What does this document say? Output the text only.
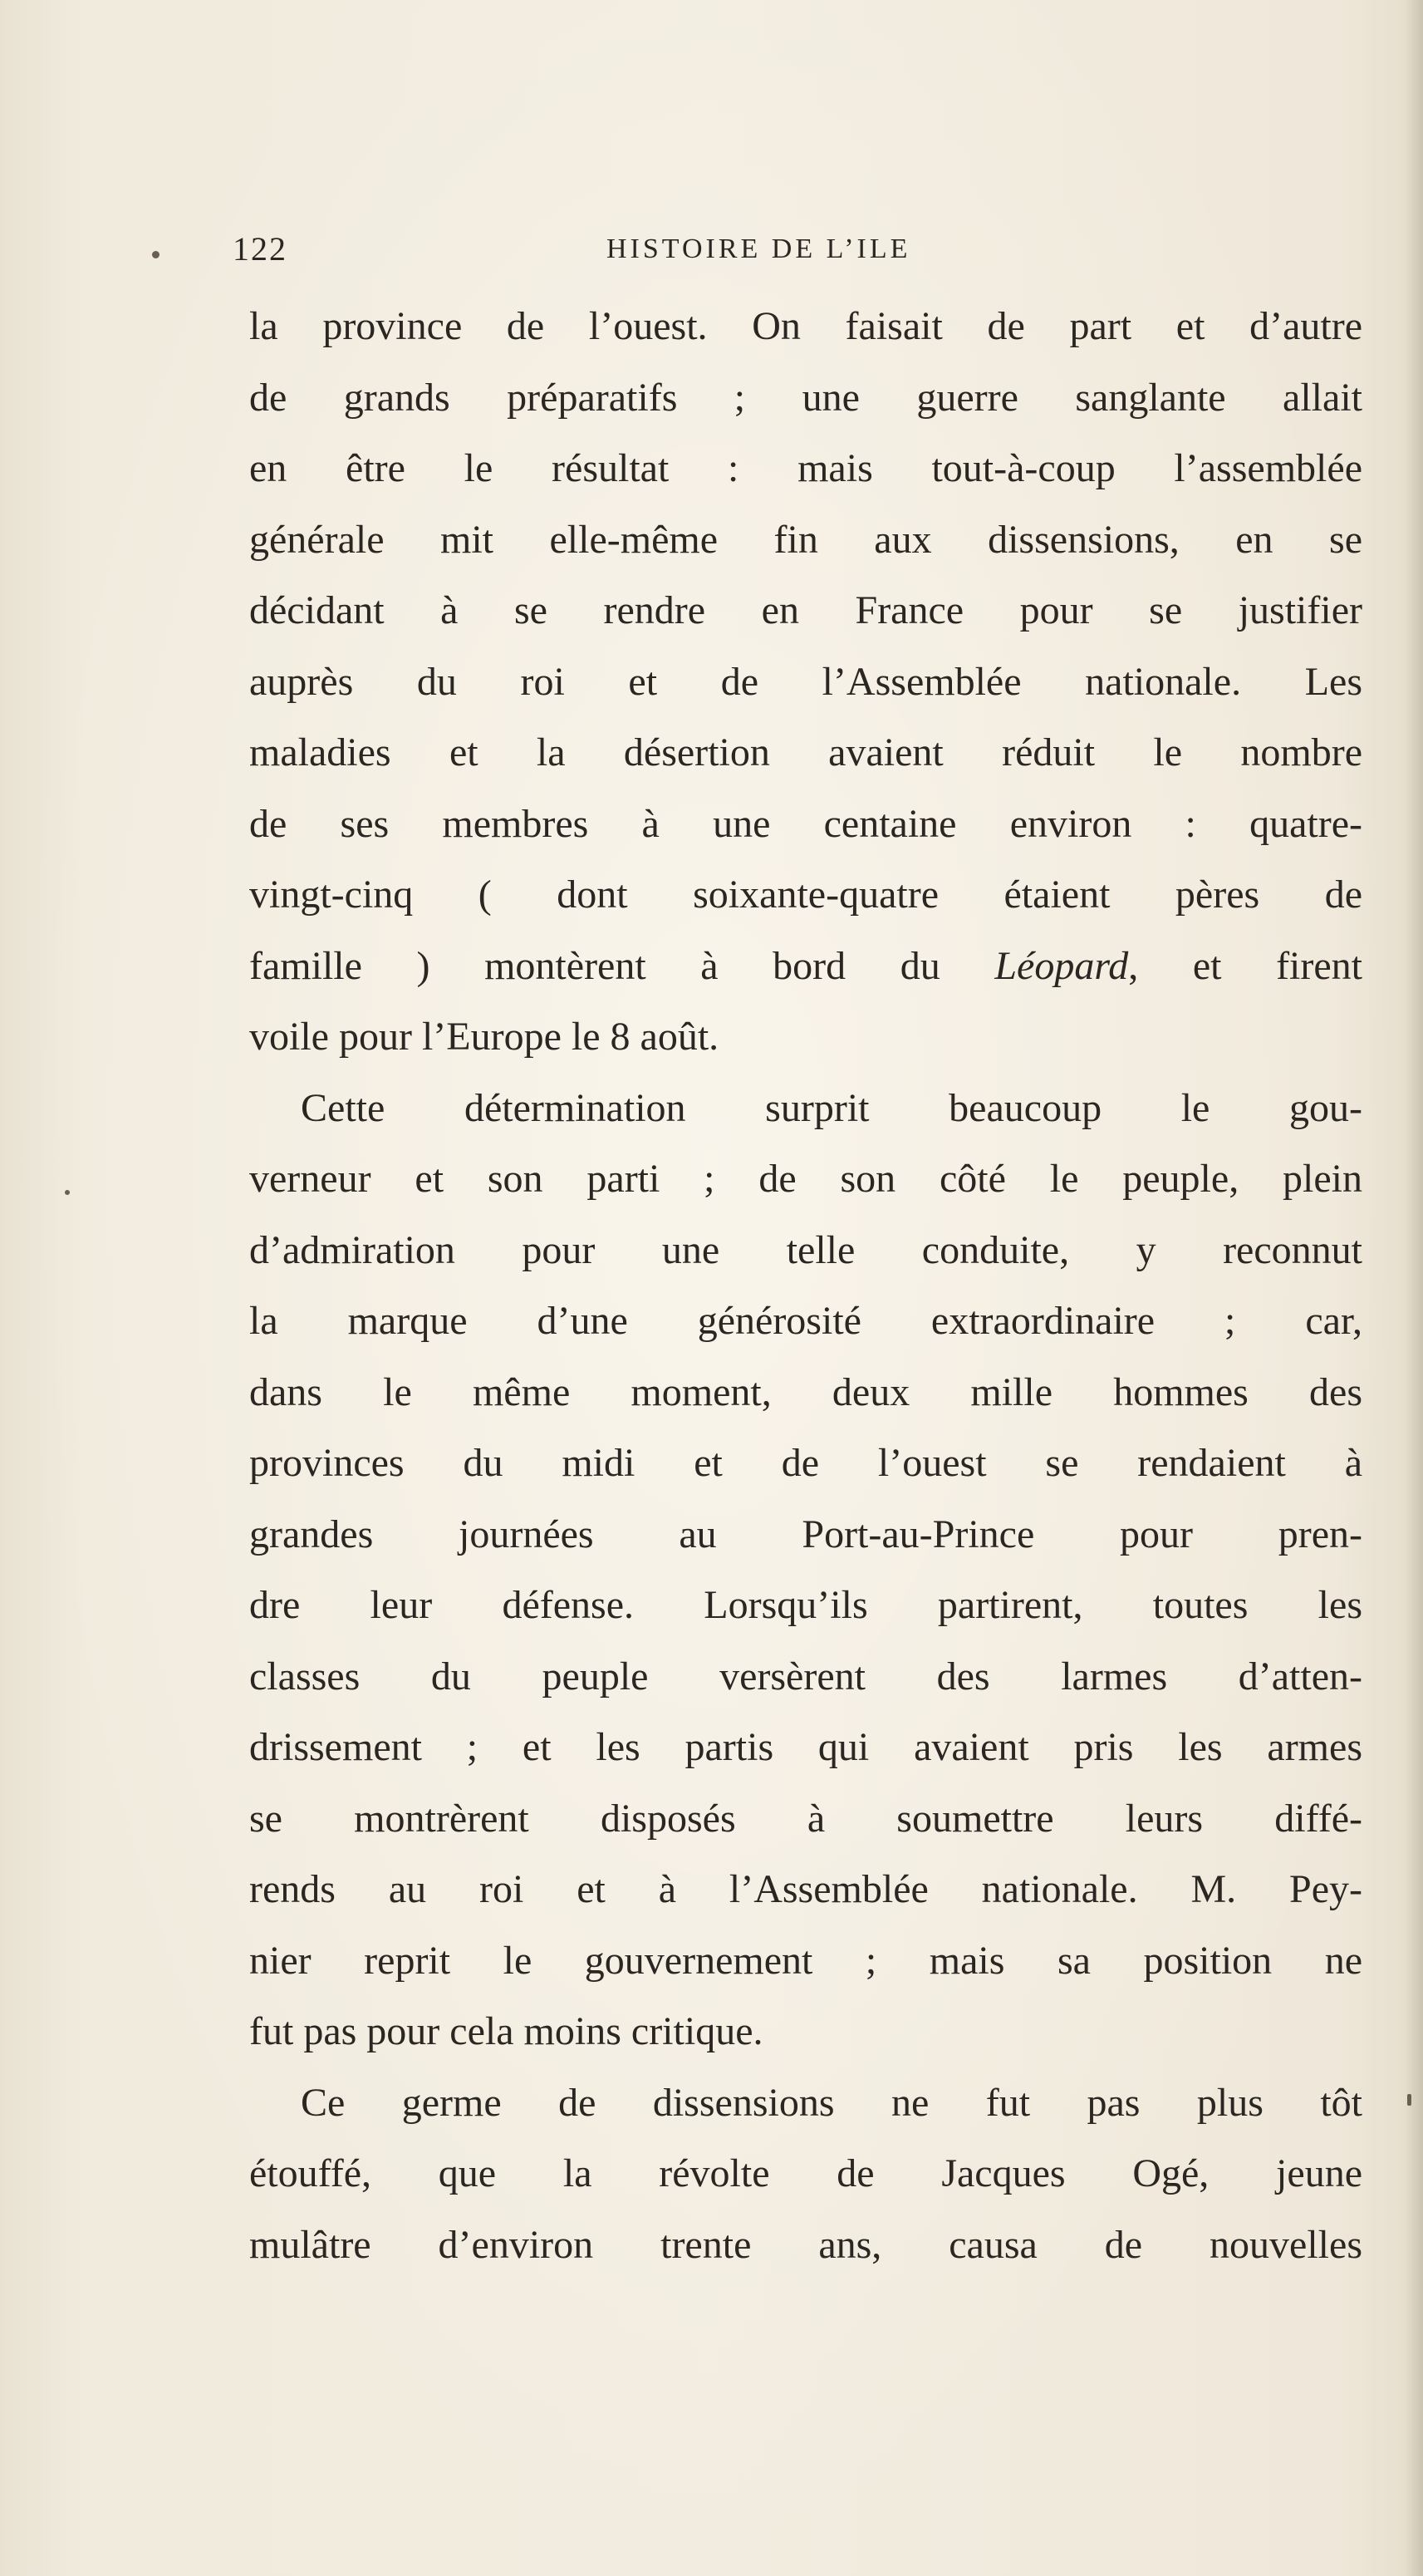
122	HISTOIRE DE L’ILE
la province de l’ouest. On faisait de part et d’autre
de grands préparatifs ; une guerre sanglante allait
en être le résultat : mais tout-à-coup l’assemblée
générale mit elle-même fin aux dissensions, en se
décidant à se rendre en France pour se justifier
auprès du roi et de l’Assemblée nationale. Les
maladies et la désertion avaient réduit le nombre
de ses membres à une centaine environ : quatre-
vingt-cinq ( dont soixante-quatre étaient pères de
famille ) montèrent à bord du Léopard, et firent
voile pour l’Europe le 8 août.
Cette détermination surprit beaucoup le gou-
verneur et son parti ; de son côté le peuple, plein
d’admiration pour une telle conduite, y reconnut
la marque d’une générosité extraordinaire ; car,
dans le même moment, deux mille hommes des
provinces du midi et de l’ouest se rendaient à
grandes journées au Port-au-Prince pour pren-
dre leur défense. Lorsqu’ils partirent, toutes les
classes du peuple versèrent des larmes d’atten-
drissement ; et les partis qui avaient pris les armes
se montrèrent disposés à soumettre leurs diffé-
rends au roi et à l’Assemblée nationale. M. Pey-
nier reprit le gouvernement ; mais sa position ne
fut pas pour cela moins critique.
Ce germe de dissensions ne fut pas plus tôt
étouffé, que la révolte de Jacques Ogé, jeune
mulâtre d’environ trente ans, causa de nouvelles
